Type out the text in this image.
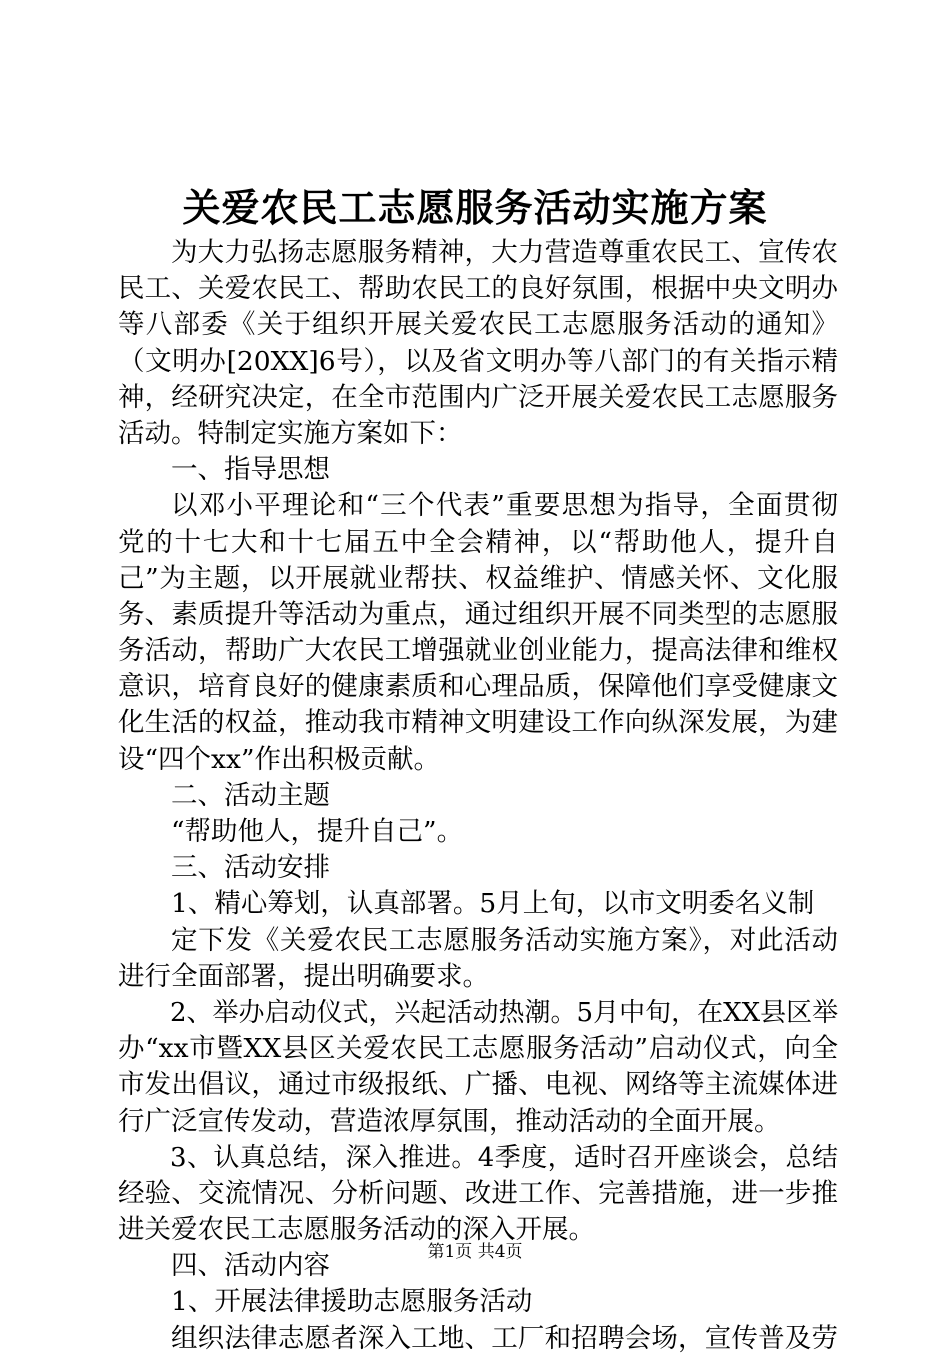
关爱农民工志愿服务活动实施方案
为大力弘扬志愿服务精神，大力营造尊重农民工、宣传农
民工、关爱农民工、帮助农民工的良好氛围，根据中央文明办
等八部委《关于组织开展关爱农民工志愿服务活动的通知》
（文明办[20XX]6号），以及省文明办等八部门的有关指示精
神，经研究决定，在全市范围内广泛开展关爱农民工志愿服务
活动。特制定实施方案如下：
一、指导思想
以邓小平理论和“三个代表”重要思想为指导，全面贯彻
党的十七大和十七届五中全会精神，以“帮助他人，提升自
己”为主题，以开展就业帮扶、权益维护、情感关怀、文化服
务、素质提升等活动为重点，通过组织开展不同类型的志愿服
务活动，帮助广大农民工增强就业创业能力，提高法律和维权
意识，培育良好的健康素质和心理品质，保障他们享受健康文
化生活的权益，推动我市精神文明建设工作向纵深发展，为建
设“四个xx”作出积极贡献。
二、活动主题
“帮助他人，提升自己”。
三、活动安排
1、精心筹划，认真部署。5月上旬，以市文明委名义制
定下发《关爱农民工志愿服务活动实施方案》，对此活动
进行全面部署，提出明确要求。
2、举办启动仪式，兴起活动热潮。5月中旬，在XX县区举
办“xx市暨XX县区关爱农民工志愿服务活动”启动仪式，向全
市发出倡议，通过市级报纸、广播、电视、网络等主流媒体进
行广泛宣传发动，营造浓厚氛围，推动活动的全面开展。
3、认真总结，深入推进。4季度，适时召开座谈会，总结
经验、交流情况、分析问题、改进工作、完善措施，进一步推
进关爱农民工志愿服务活动的深入开展。
四、活动内容
1、开展法律援助志愿服务活动
组织法律志愿者深入工地、工厂和招聘会场，宣传普及劳
第1页 共4页
